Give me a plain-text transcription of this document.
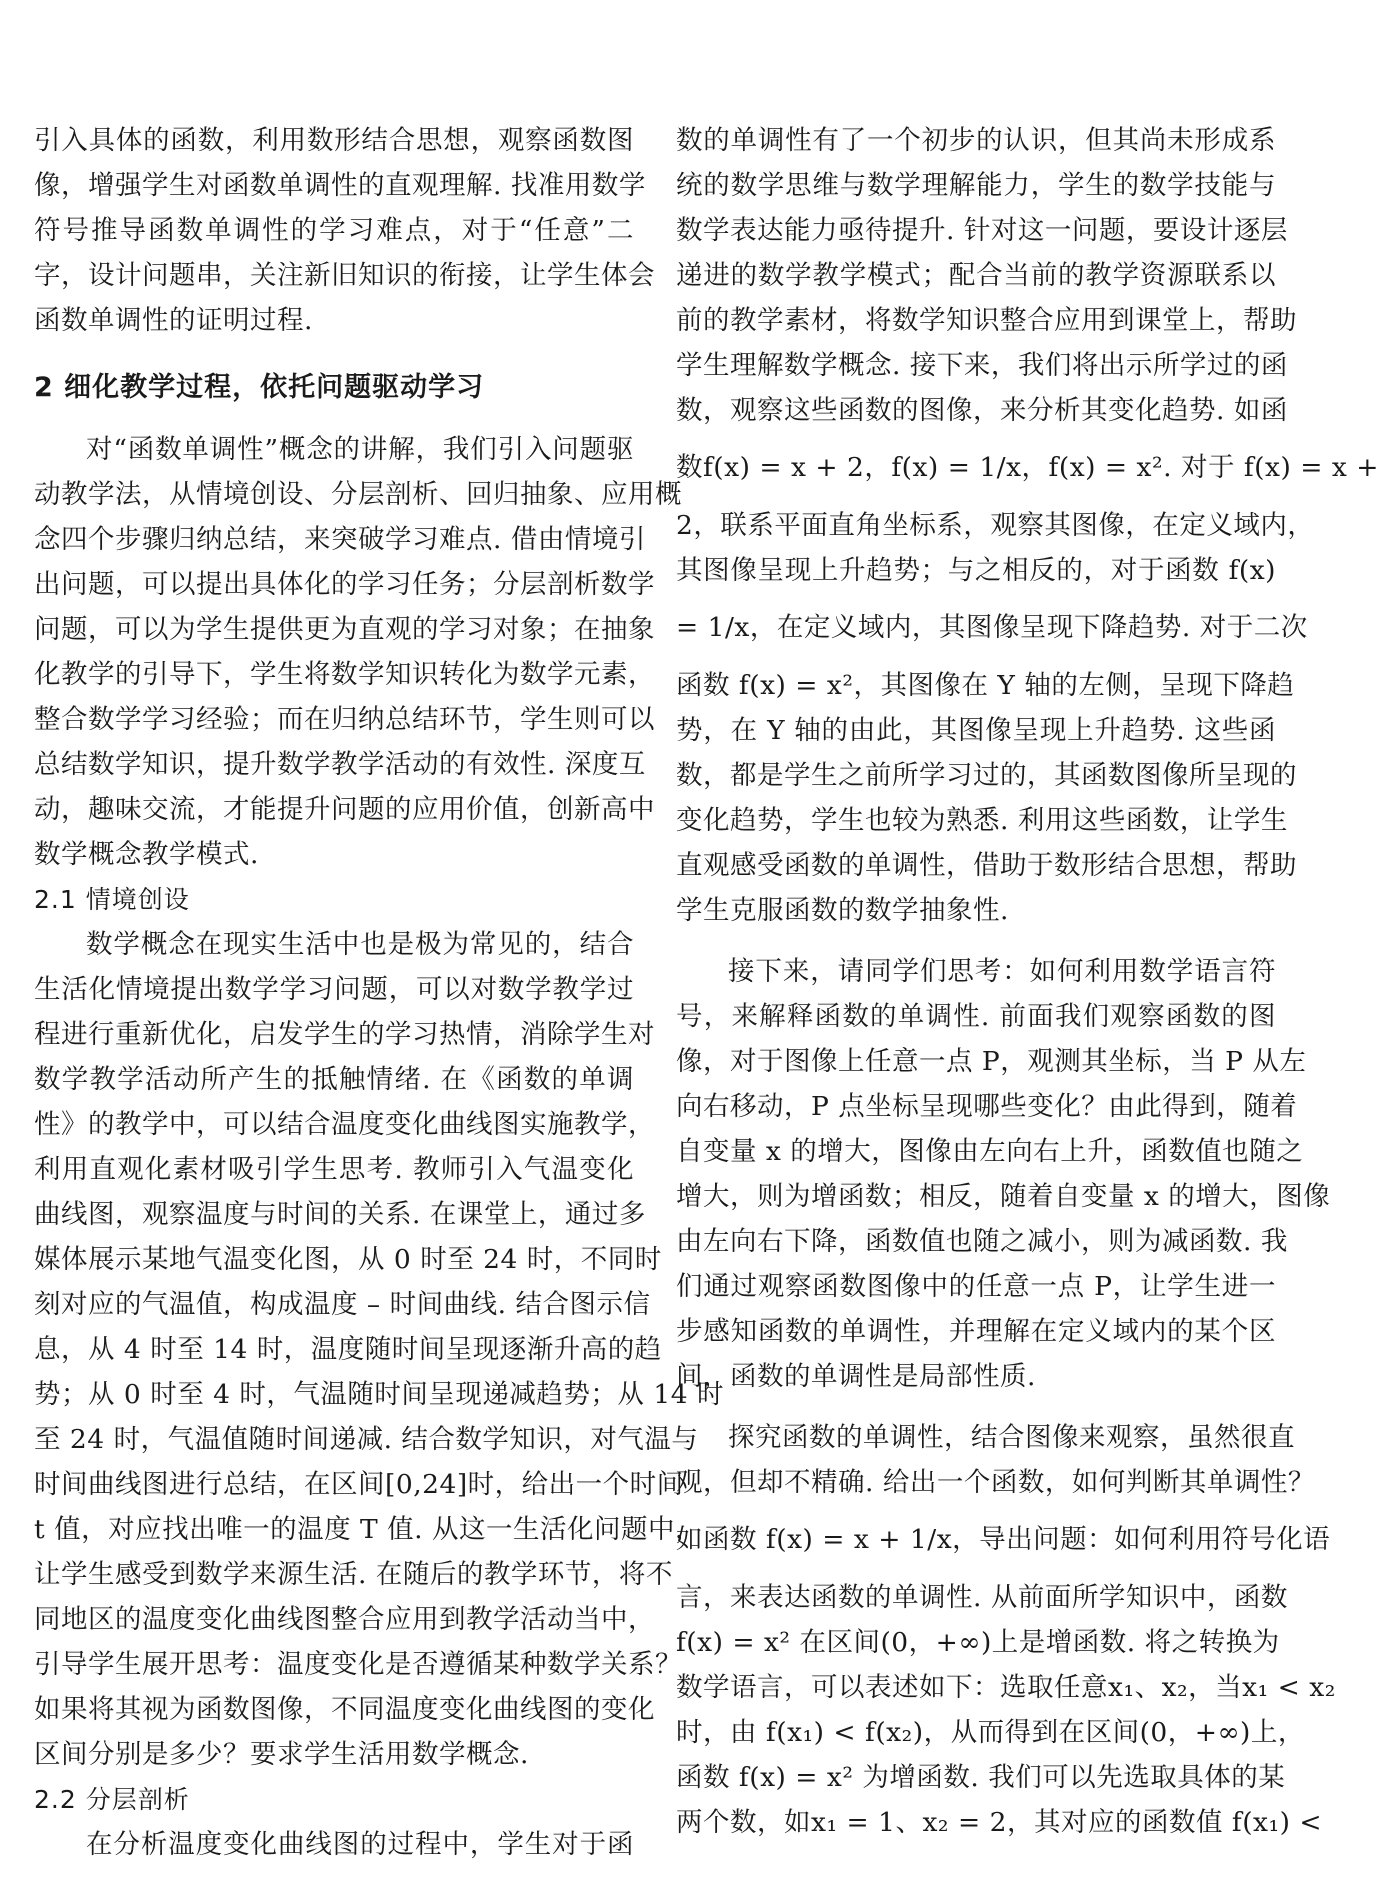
引入具体的函数，利用数形结合思想，观察函数图
像，增强学生对函数单调性的直观理解. 找准用数学
符号推导函数单调性的学习难点，对于“任意”二
字，设计问题串，关注新旧知识的衔接，让学生体会
函数单调性的证明过程.
2 细化教学过程，依托问题驱动学习
对“函数单调性”概念的讲解，我们引入问题驱
动教学法，从情境创设、分层剖析、回归抽象、应用概
念四个步骤归纳总结，来突破学习难点. 借由情境引
出问题，可以提出具体化的学习任务；分层剖析数学
问题，可以为学生提供更为直观的学习对象；在抽象
化教学的引导下，学生将数学知识转化为数学元素，
整合数学学习经验；而在归纳总结环节，学生则可以
总结数学知识，提升数学教学活动的有效性. 深度互
动，趣味交流，才能提升问题的应用价值，创新高中
数学概念教学模式.
2.1 情境创设
数学概念在现实生活中也是极为常见的，结合
生活化情境提出数学学习问题，可以对数学教学过
程进行重新优化，启发学生的学习热情，消除学生对
数学教学活动所产生的抵触情绪. 在《函数的单调
性》的教学中，可以结合温度变化曲线图实施教学，
利用直观化素材吸引学生思考. 教师引入气温变化
曲线图，观察温度与时间的关系. 在课堂上，通过多
媒体展示某地气温变化图，从 0 时至 24 时，不同时
刻对应的气温值，构成温度 – 时间曲线. 结合图示信
息，从 4 时至 14 时，温度随时间呈现逐渐升高的趋
势；从 0 时至 4 时，气温随时间呈现递减趋势；从 14 时
至 24 时，气温值随时间递减. 结合数学知识，对气温与
时间曲线图进行总结，在区间[0,24]时，给出一个时间
t 值，对应找出唯一的温度 T 值. 从这一生活化问题中，
让学生感受到数学来源生活. 在随后的教学环节，将不
同地区的温度变化曲线图整合应用到教学活动当中，
引导学生展开思考：温度变化是否遵循某种数学关系？
如果将其视为函数图像，不同温度变化曲线图的变化
区间分别是多少？要求学生活用数学概念.
2.2 分层剖析
在分析温度变化曲线图的过程中，学生对于函
数的单调性有了一个初步的认识，但其尚未形成系
统的数学思维与数学理解能力，学生的数学技能与
数学表达能力亟待提升. 针对这一问题，要设计逐层
递进的数学教学模式；配合当前的教学资源联系以
前的教学素材，将数学知识整合应用到课堂上，帮助
学生理解数学概念. 接下来，我们将出示所学过的函
数，观察这些函数的图像，来分析其变化趋势. 如函
数f(x) = x + 2，f(x) = 1/x，f(x) = x². 对于 f(x) = x +
2，联系平面直角坐标系，观察其图像，在定义域内，
其图像呈现上升趋势；与之相反的，对于函数 f(x)
= 1/x，在定义域内，其图像呈现下降趋势. 对于二次
函数 f(x) = x²，其图像在 Y 轴的左侧，呈现下降趋
势，在 Y 轴的由此，其图像呈现上升趋势. 这些函
数，都是学生之前所学习过的，其函数图像所呈现的
变化趋势，学生也较为熟悉. 利用这些函数，让学生
直观感受函数的单调性，借助于数形结合思想，帮助
学生克服函数的数学抽象性.
接下来，请同学们思考：如何利用数学语言符
号，来解释函数的单调性. 前面我们观察函数的图
像，对于图像上任意一点 P，观测其坐标，当 P 从左
向右移动，P 点坐标呈现哪些变化？由此得到，随着
自变量 x 的增大，图像由左向右上升，函数值也随之
增大，则为增函数；相反，随着自变量 x 的增大，图像
由左向右下降，函数值也随之减小，则为减函数. 我
们通过观察函数图像中的任意一点 P，让学生进一
步感知函数的单调性，并理解在定义域内的某个区
间，函数的单调性是局部性质.
探究函数的单调性，结合图像来观察，虽然很直
观，但却不精确. 给出一个函数，如何判断其单调性？
如函数 f(x) = x + 1/x，导出问题：如何利用符号化语
言，来表达函数的单调性. 从前面所学知识中，函数
f(x) = x² 在区间(0，+∞)上是增函数. 将之转换为
数学语言，可以表述如下：选取任意x₁、x₂，当x₁ < x₂
时，由 f(x₁) < f(x₂)，从而得到在区间(0，+∞)上，
函数 f(x) = x² 为增函数. 我们可以先选取具体的某
两个数，如x₁ = 1、x₂ = 2，其对应的函数值 f(x₁) <
